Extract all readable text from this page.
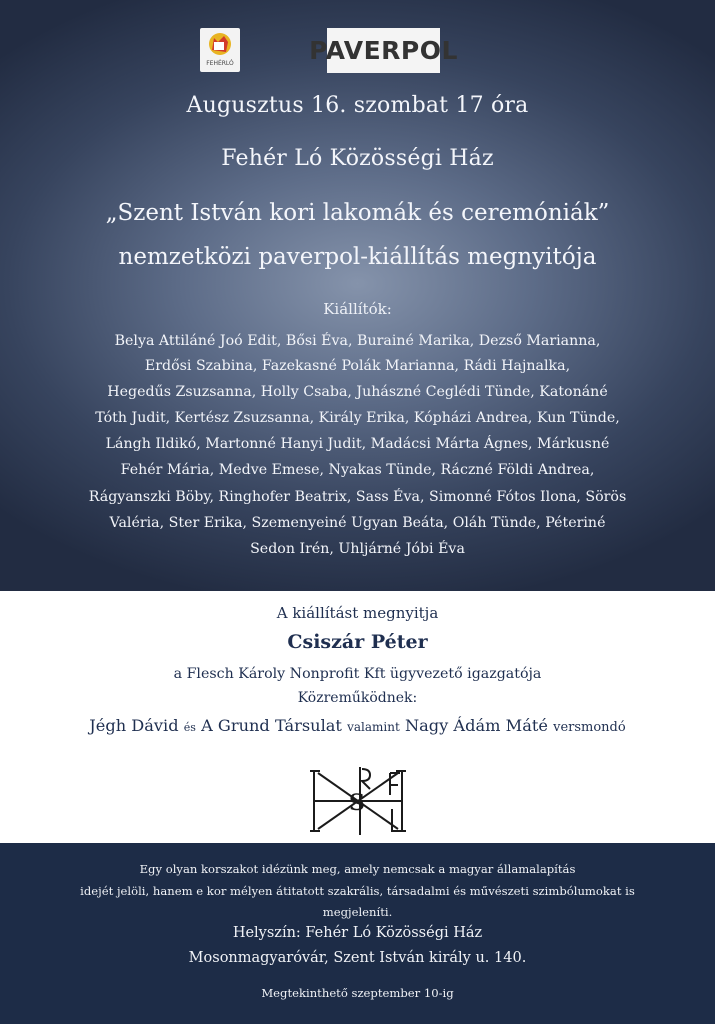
FEHÉRLÓ	PAVERPOL
Augusztus 16. szombat 17 óra
Fehér Ló Közösségi Ház
„Szent István kori lakomák és ceremóniák”
nemzetközi paverpol-kiállítás megnyitója
Kiállítók:
Belya Attiláné Joó Edit, Bősi Éva, Burainé Marika, Dezső Marianna,
Erdősi Szabina, Fazekasné Polák Marianna, Rádi Hajnalka,
Hegedűs Zsuzsanna, Holly Csaba, Juhászné Ceglédi Tünde, Katonáné
Tóth Judit, Kertész Zsuzsanna, Király Erika, Kópházi Andrea, Kun Tünde,
Lángh Ildikó, Martonné Hanyi Judit, Madácsi Márta Ágnes, Márkusné
Fehér Mária, Medve Emese, Nyakas Tünde, Ráczné Földi Andrea,
Rágyanszki Böby, Ringhofer Beatrix, Sass Éva, Simonné Fótos Ilona, Sörös
Valéria, Ster Erika, Szemenyeiné Ugyan Beáta, Oláh Tünde, Péteriné
Sedon Irén, Uhljárné Jóbi Éva
A kiállítást megnyitja
Csiszár Péter
a Flesch Károly Nonprofit Kft ügyvezető igazgatója
Közreműködnek:
Jégh Dávid és A Grund Társulat valamint Nagy Ádám Máté versmondó
S
Egy olyan korszakot idézünk meg, amely nemcsak a magyar államalapítás
idejét jelöli, hanem e kor mélyen átitatott szakrális, társadalmi és művészeti szimbólumokat is
megjeleníti.
Helyszín: Fehér Ló Közösségi Ház
Mosonmagyaróvár, Szent István király u. 140.
Megtekinthető szeptember 10-ig
